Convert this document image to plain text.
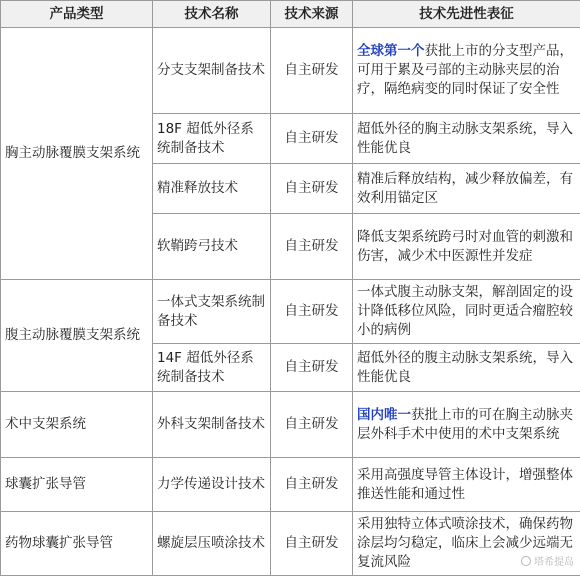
产品类型	技术名称	技术来源	技术先进性表征
胸主动脉覆膜支架系统	分支支架制备技术	自主研发	全球第一个获批上市的分支型产品，可用于累及弓部的主动脉夹层的治疗，隔绝病变的同时保证了安全性
	18F 超低外径系统制备技术	自主研发	超低外径的胸主动脉支架系统，导入性能优良
	精准释放技术	自主研发	精准后释放结构，减少释放偏差，有效利用锚定区
	软鞘跨弓技术	自主研发	降低支架系统跨弓时对血管的刺激和伤害，减少术中医源性并发症
腹主动脉覆膜支架系统	一体式支架系统制备技术	自主研发	一体式腹主动脉支架，解剖固定的设计降低移位风险，同时更适合瘤腔较小的病例
	14F 超低外径系统制备技术	自主研发	超低外径的腹主动脉支架系统，导入性能优良
术中支架系统	外科支架制备技术	自主研发	国内唯一获批上市的可在胸主动脉夹层外科手术中使用的术中支架系统
球囊扩张导管	力学传递设计技术	自主研发	采用高强度导管主体设计，增强整体推送性能和通过性
药物球囊扩张导管	螺旋层压喷涂技术	自主研发	采用独特立体式喷涂技术，确保药物涂层均匀稳定，临床上会减少远端无复流风险	塔希提岛
